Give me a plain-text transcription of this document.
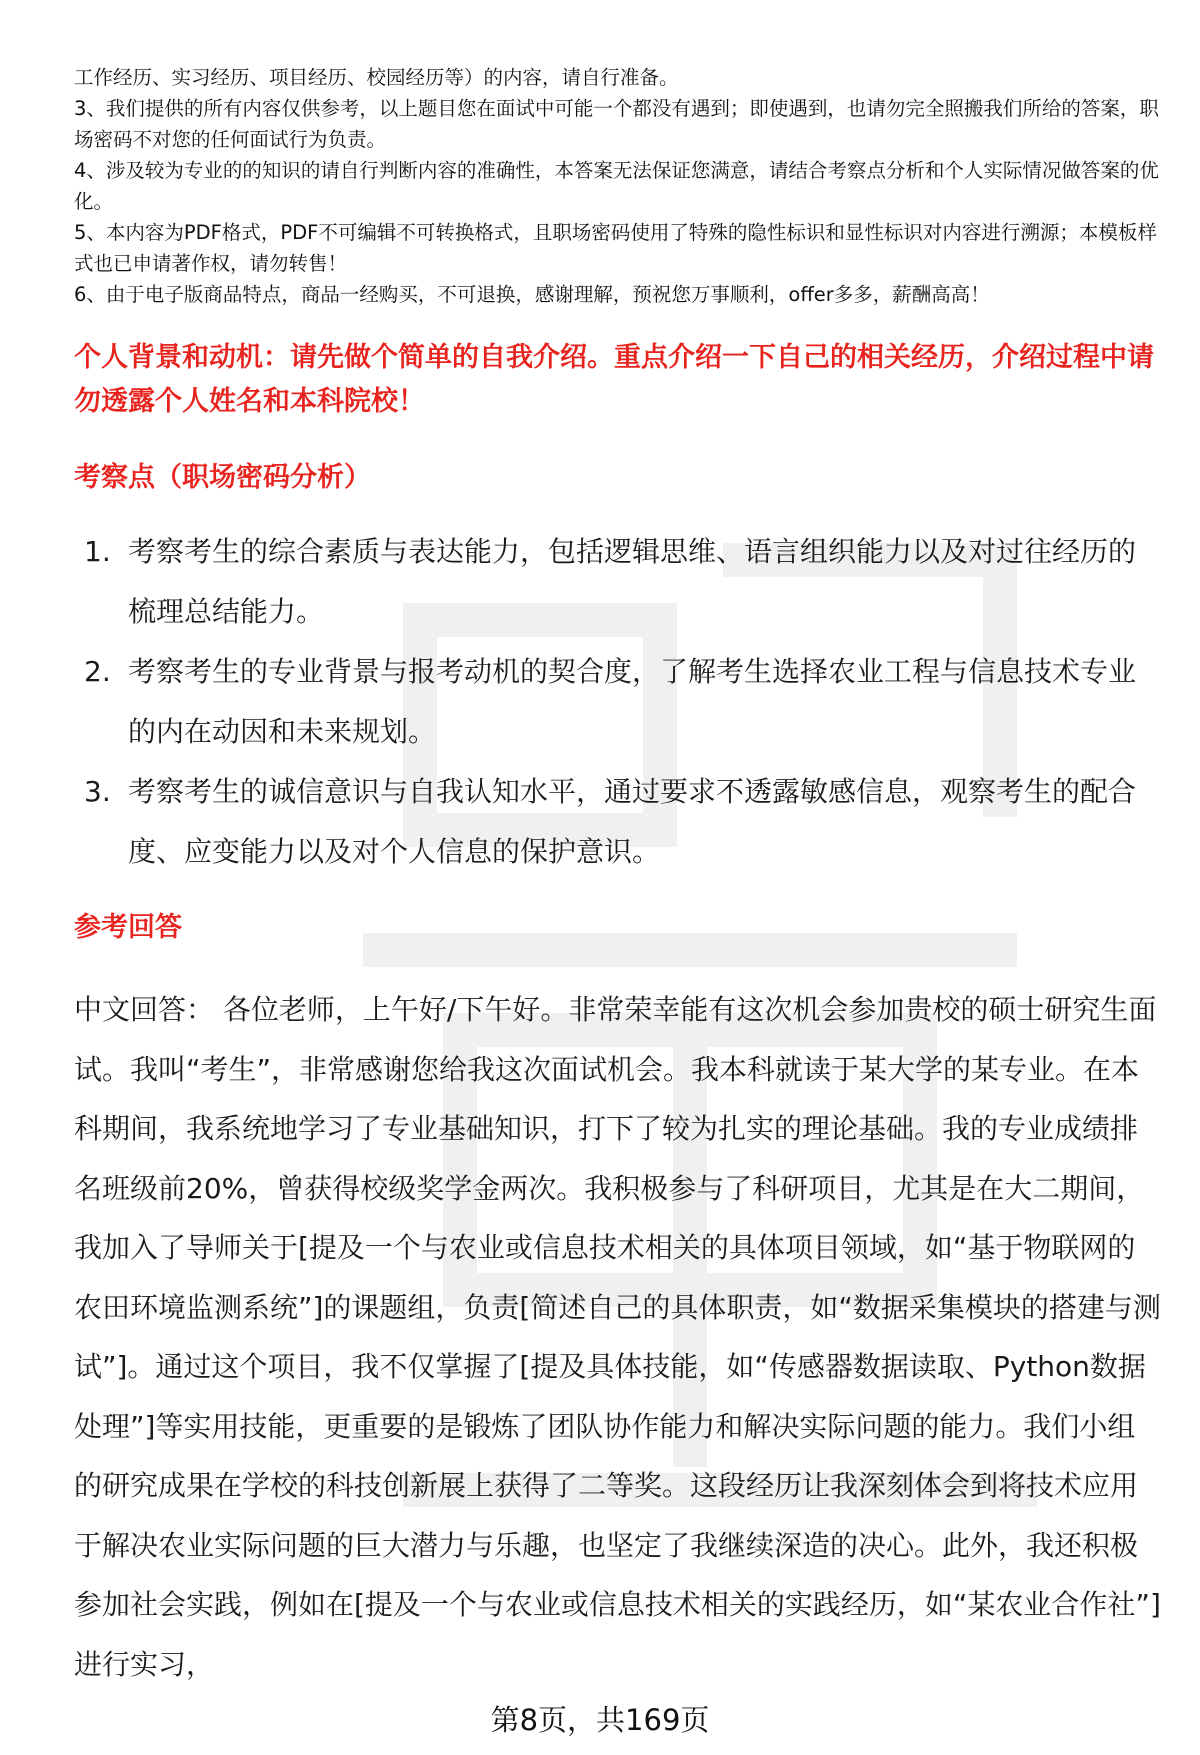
工作经历、实习经历、项目经历、校园经历等）的内容，请自行准备。

3、我们提供的所有内容仅供参考，以上题目您在面试中可能一个都没有遇到；即使遇到，也请勿完全照搬我们所给的答案，职场密码不对您的任何面试行为负责。

4、涉及较为专业的的知识的请自行判断内容的准确性，本答案无法保证您满意，请结合考察点分析和个人实际情况做答案的优化。

5、本内容为PDF格式，PDF不可编辑不可转换格式，且职场密码使用了特殊的隐性标识和显性标识对内容进行溯源；本模板样式也已申请著作权，请勿转售！

6、由于电子版商品特点，商品一经购买，不可退换，感谢理解，预祝您万事顺利，offer多多，薪酬高高！

个人背景和动机：请先做个简单的自我介绍。重点介绍一下自己的相关经历，介绍过程中请勿透露个人姓名和本科院校！
考察点（职场密码分析）
1. 考察考生的综合素质与表达能力，包括逻辑思维、语言组织能力以及对过往经历的梳理总结能力。
2. 考察考生的专业背景与报考动机的契合度，了解考生选择农业工程与信息技术专业的内在动因和未来规划。
3. 考察考生的诚信意识与自我认知水平，通过要求不透露敏感信息，观察考生的配合度、应变能力以及对个人信息的保护意识。
参考回答

中文回答： 各位老师，上午好/下午好。非常荣幸能有这次机会参加贵校的硕士研究生面试。我叫“考生”，非常感谢您给我这次面试机会。我本科就读于某大学的某专业。在本科期间，我系统地学习了专业基础知识，打下了较为扎实的理论基础。我的专业成绩排名班级前20%，曾获得校级奖学金两次。我积极参与了科研项目，尤其是在大二期间，我加入了导师关于[提及一个与农业或信息技术相关的具体项目领域，如“基于物联网的农田环境监测系统”]的课题组，负责[简述自己的具体职责，如“数据采集模块的搭建与测试”]。通过这个项目，我不仅掌握了[提及具体技能，如“传感器数据读取、Python数据处理”]等实用技能，更重要的是锻炼了团队协作能力和解决实际问题的能力。我们小组的研究成果在学校的科技创新展上获得了二等奖。这段经历让我深刻体会到将技术应用于解决农业实际问题的巨大潜力与乐趣，也坚定了我继续深造的决心。此外，我还积极参加社会实践，例如在[提及一个与农业或信息技术相关的实践经历，如“某农业合作社”]进行实习，

第8页，共169页
